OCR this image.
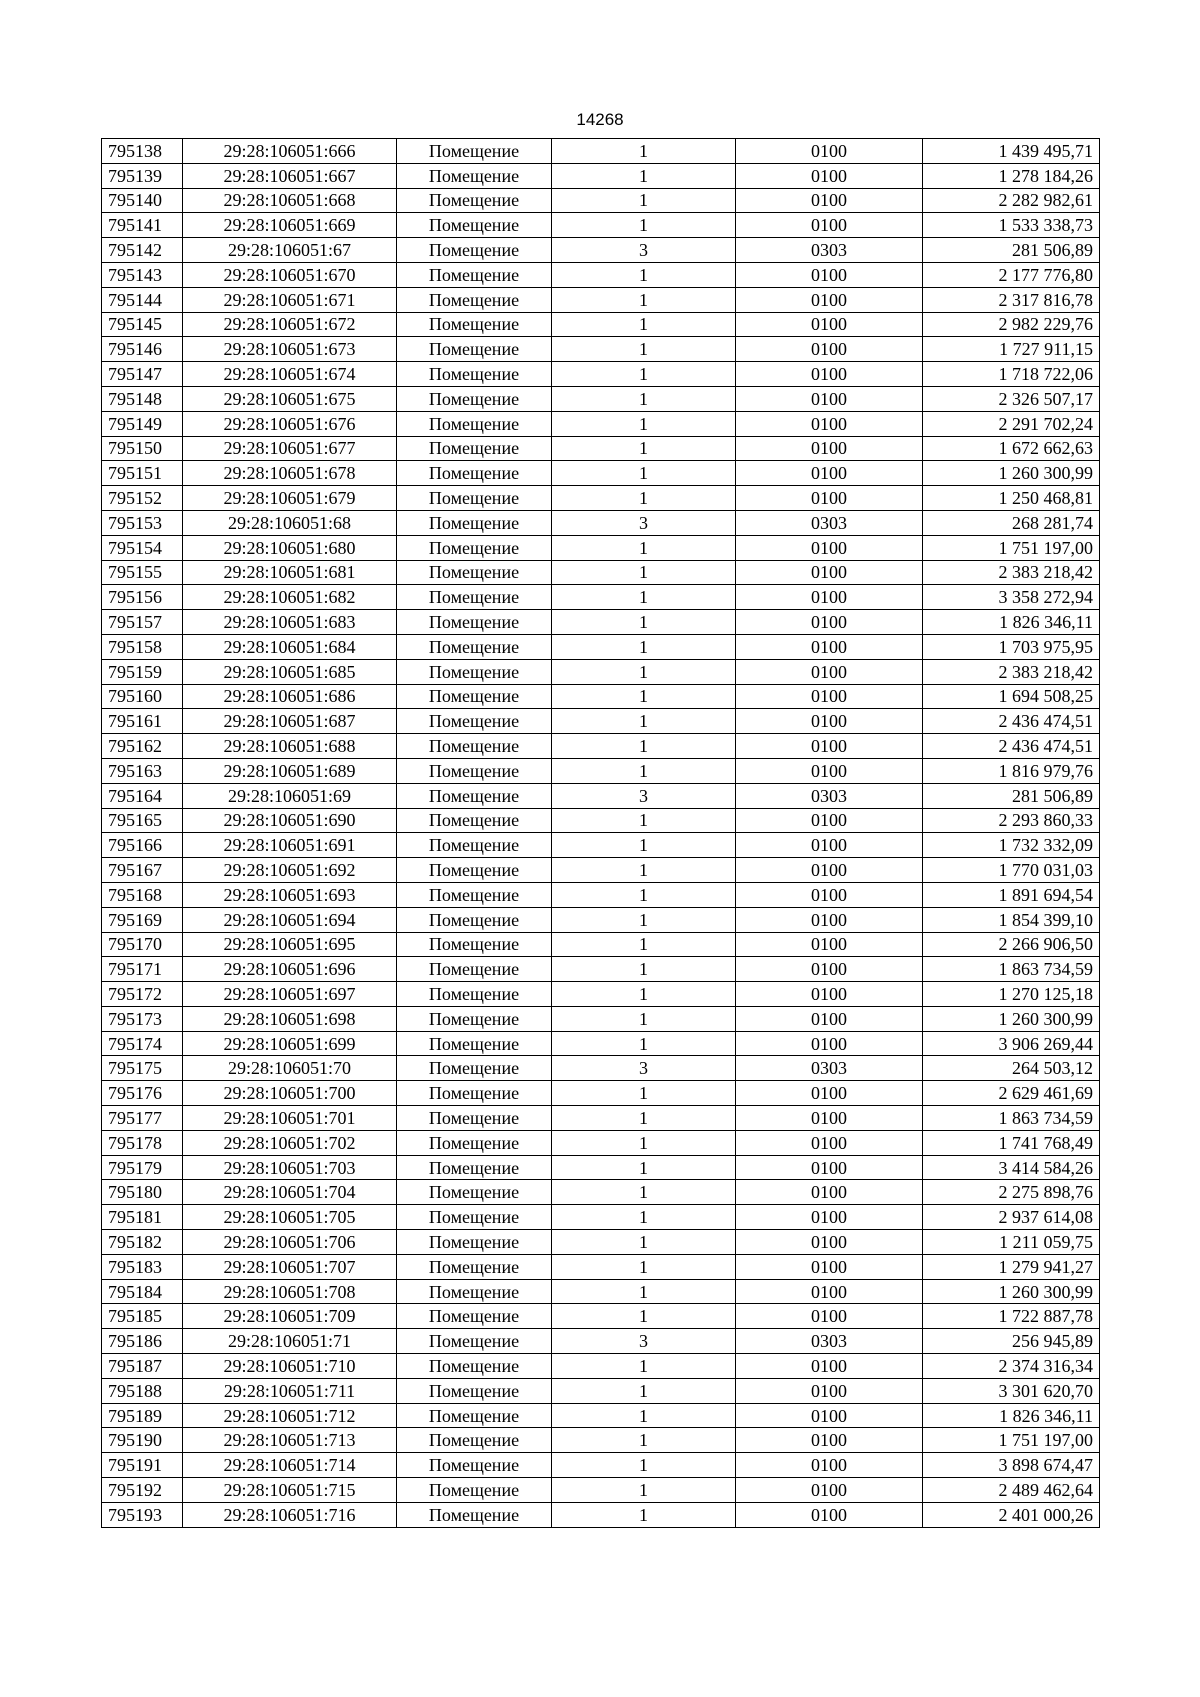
14268
795138	29:28:106051:666	Помещение	1	0100	1 439 495,71
795139	29:28:106051:667	Помещение	1	0100	1 278 184,26
795140	29:28:106051:668	Помещение	1	0100	2 282 982,61
795141	29:28:106051:669	Помещение	1	0100	1 533 338,73
795142	29:28:106051:67	Помещение	3	0303	281 506,89
795143	29:28:106051:670	Помещение	1	0100	2 177 776,80
795144	29:28:106051:671	Помещение	1	0100	2 317 816,78
795145	29:28:106051:672	Помещение	1	0100	2 982 229,76
795146	29:28:106051:673	Помещение	1	0100	1 727 911,15
795147	29:28:106051:674	Помещение	1	0100	1 718 722,06
795148	29:28:106051:675	Помещение	1	0100	2 326 507,17
795149	29:28:106051:676	Помещение	1	0100	2 291 702,24
795150	29:28:106051:677	Помещение	1	0100	1 672 662,63
795151	29:28:106051:678	Помещение	1	0100	1 260 300,99
795152	29:28:106051:679	Помещение	1	0100	1 250 468,81
795153	29:28:106051:68	Помещение	3	0303	268 281,74
795154	29:28:106051:680	Помещение	1	0100	1 751 197,00
795155	29:28:106051:681	Помещение	1	0100	2 383 218,42
795156	29:28:106051:682	Помещение	1	0100	3 358 272,94
795157	29:28:106051:683	Помещение	1	0100	1 826 346,11
795158	29:28:106051:684	Помещение	1	0100	1 703 975,95
795159	29:28:106051:685	Помещение	1	0100	2 383 218,42
795160	29:28:106051:686	Помещение	1	0100	1 694 508,25
795161	29:28:106051:687	Помещение	1	0100	2 436 474,51
795162	29:28:106051:688	Помещение	1	0100	2 436 474,51
795163	29:28:106051:689	Помещение	1	0100	1 816 979,76
795164	29:28:106051:69	Помещение	3	0303	281 506,89
795165	29:28:106051:690	Помещение	1	0100	2 293 860,33
795166	29:28:106051:691	Помещение	1	0100	1 732 332,09
795167	29:28:106051:692	Помещение	1	0100	1 770 031,03
795168	29:28:106051:693	Помещение	1	0100	1 891 694,54
795169	29:28:106051:694	Помещение	1	0100	1 854 399,10
795170	29:28:106051:695	Помещение	1	0100	2 266 906,50
795171	29:28:106051:696	Помещение	1	0100	1 863 734,59
795172	29:28:106051:697	Помещение	1	0100	1 270 125,18
795173	29:28:106051:698	Помещение	1	0100	1 260 300,99
795174	29:28:106051:699	Помещение	1	0100	3 906 269,44
795175	29:28:106051:70	Помещение	3	0303	264 503,12
795176	29:28:106051:700	Помещение	1	0100	2 629 461,69
795177	29:28:106051:701	Помещение	1	0100	1 863 734,59
795178	29:28:106051:702	Помещение	1	0100	1 741 768,49
795179	29:28:106051:703	Помещение	1	0100	3 414 584,26
795180	29:28:106051:704	Помещение	1	0100	2 275 898,76
795181	29:28:106051:705	Помещение	1	0100	2 937 614,08
795182	29:28:106051:706	Помещение	1	0100	1 211 059,75
795183	29:28:106051:707	Помещение	1	0100	1 279 941,27
795184	29:28:106051:708	Помещение	1	0100	1 260 300,99
795185	29:28:106051:709	Помещение	1	0100	1 722 887,78
795186	29:28:106051:71	Помещение	3	0303	256 945,89
795187	29:28:106051:710	Помещение	1	0100	2 374 316,34
795188	29:28:106051:711	Помещение	1	0100	3 301 620,70
795189	29:28:106051:712	Помещение	1	0100	1 826 346,11
795190	29:28:106051:713	Помещение	1	0100	1 751 197,00
795191	29:28:106051:714	Помещение	1	0100	3 898 674,47
795192	29:28:106051:715	Помещение	1	0100	2 489 462,64
795193	29:28:106051:716	Помещение	1	0100	2 401 000,26
